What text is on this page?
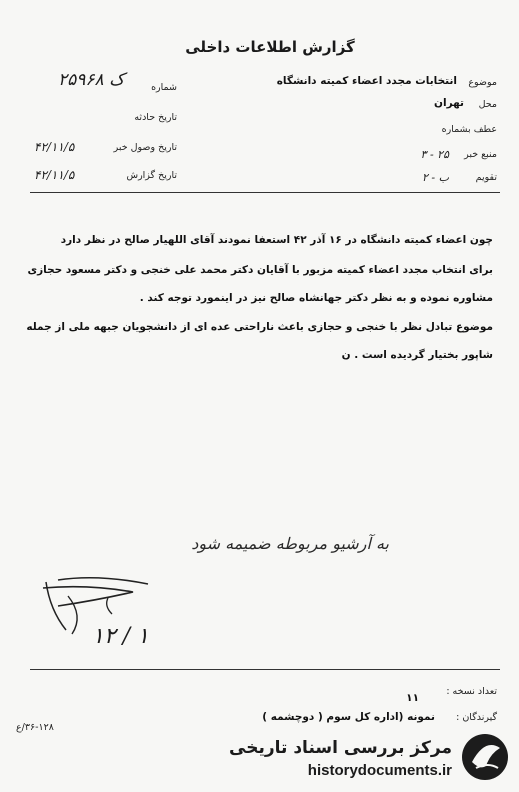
گزارش اطلاعات داخلی
شماره
۲۵۹۶۸ ک
تاریخ حادثه
تاریخ وصول خبر
۴۲/۱۱/۵
تاریخ گزارش
۴۲/۱۱/۵
موضوع
انتخابات مجدد اعضاء کمیته دانشگاه
محل
تهران
عطف بشماره
منبع خبر
۲۵ - ۳
تقویم
ب - ۲
چون اعضاء کمیته دانشگاه در ۱۶ آذر ۴۲ استعفا نمودند آقای اللهیار صالح در نظر دارد
برای انتخاب مجدد اعضاء کمیته مزبور با آقایان دکتر محمد علی خنجی و دکتر مسعود حجازی
مشاوره نموده و به نظر دکتر جهانشاه صالح نیز در اینمورد توجه کند .
موضوع تبادل نظر با خنجی و حجازی باعث ناراحتی عده ای از دانشجویان جبهه ملی از جمله
شاپور بختیار گردیده است . ن
به آرشیو مربوطه ضمیمه شود
۱۲ / ۱
تعداد نسخه :
۱۱
گیرندگان :
نمونه (اداره کل سوم ( دوچشمه )
۳۶-۱۲۸/ع
مرکز بررسی اسناد تاریخی
historydocuments.ir
